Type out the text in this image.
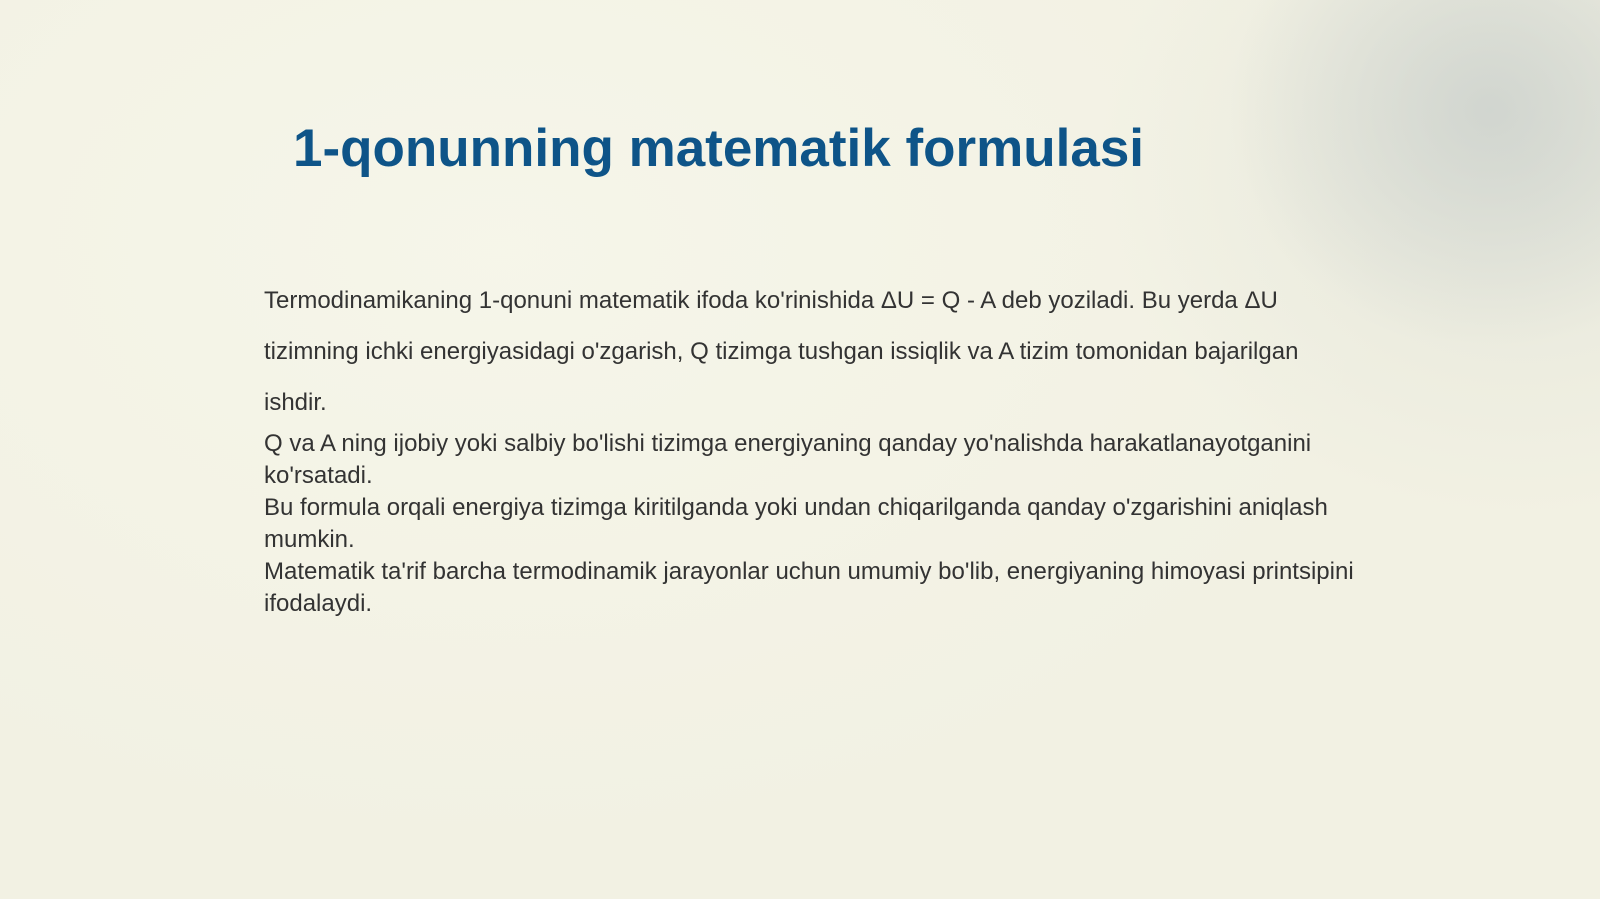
1-qonunning matematik formulasi

Termodinamikaning 1-qonuni matematik ifoda ko'rinishida ΔU = Q - A deb yoziladi. Bu yerda ΔU tizimning ichki energiyasidagi o'zgarish, Q tizimga tushgan issiqlik va A tizim tomonidan bajarilgan ishdir.

Q va A ning ijobiy yoki salbiy bo'lishi tizimga energiyaning qanday yo'nalishda harakatlanayotganini ko'rsatadi.

Bu formula orqali energiya tizimga kiritilganda yoki undan chiqarilganda qanday o'zgarishini aniqlash mumkin.

Matematik ta'rif barcha termodinamik jarayonlar uchun umumiy bo'lib, energiyaning himoyasi printsipini ifodalaydi.
